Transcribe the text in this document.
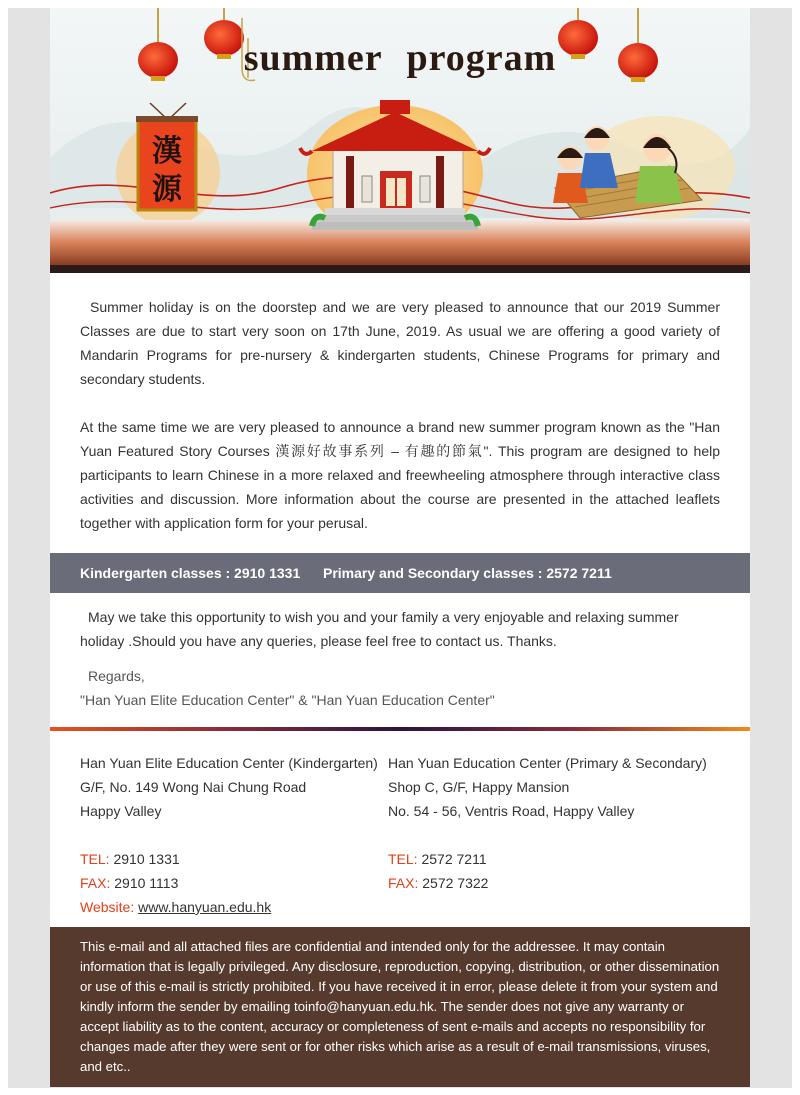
summer program
漢
源

Summer holiday is on the doorstep and we are very pleased to announce that our 2019 Summer Classes are due to start very soon on 17th June, 2019. As usual we are offering a good variety of Mandarin Programs for pre-nursery & kindergarten students, Chinese Programs for primary and secondary students.

At the same time we are very pleased to announce a brand new summer program known as the "Han Yuan Featured Story Courses 漢源好故事系列 – 有趣的節氣". This program are designed to help participants to learn Chinese in a more relaxed and freewheeling atmosphere through interactive class activities and discussion. More information about the course are presented in the attached leaflets together with application form for your perusal.

Kindergarten classes : 2910 1331 Primary and Secondary classes : 2572 7211

May we take this opportunity to wish you and your family a very enjoyable and relaxing summer holiday .Should you have any queries, please feel free to contact us. Thanks.

Regards,
"Han Yuan Elite Education Center" & "Han Yuan Education Center"
Han Yuan Elite Education Center (Kindergarten)
G/F, No. 149 Wong Nai Chung Road
Happy Valley
TEL: 2910 1331
FAX: 2910 1113
Website: www.hanyuan.edu.hk
Han Yuan Education Center (Primary & Secondary)
Shop C, G/F, Happy Mansion
No. 54 - 56, Ventris Road, Happy Valley
TEL: 2572 7211
FAX: 2572 7322

This e-mail and all attached files are confidential and intended only for the addressee. It may contain information that is legally privileged. Any disclosure, reproduction, copying, distribution, or other dissemination or use of this e-mail is strictly prohibited. If you have received it in error, please delete it from your system and kindly inform the sender by emailing toinfo@hanyuan.edu.hk. The sender does not give any warranty or accept liability as to the content, accuracy or completeness of sent e-mails and accepts no responsibility for changes made after they were sent or for other risks which arise as a result of e-mail transmissions, viruses, and etc..
